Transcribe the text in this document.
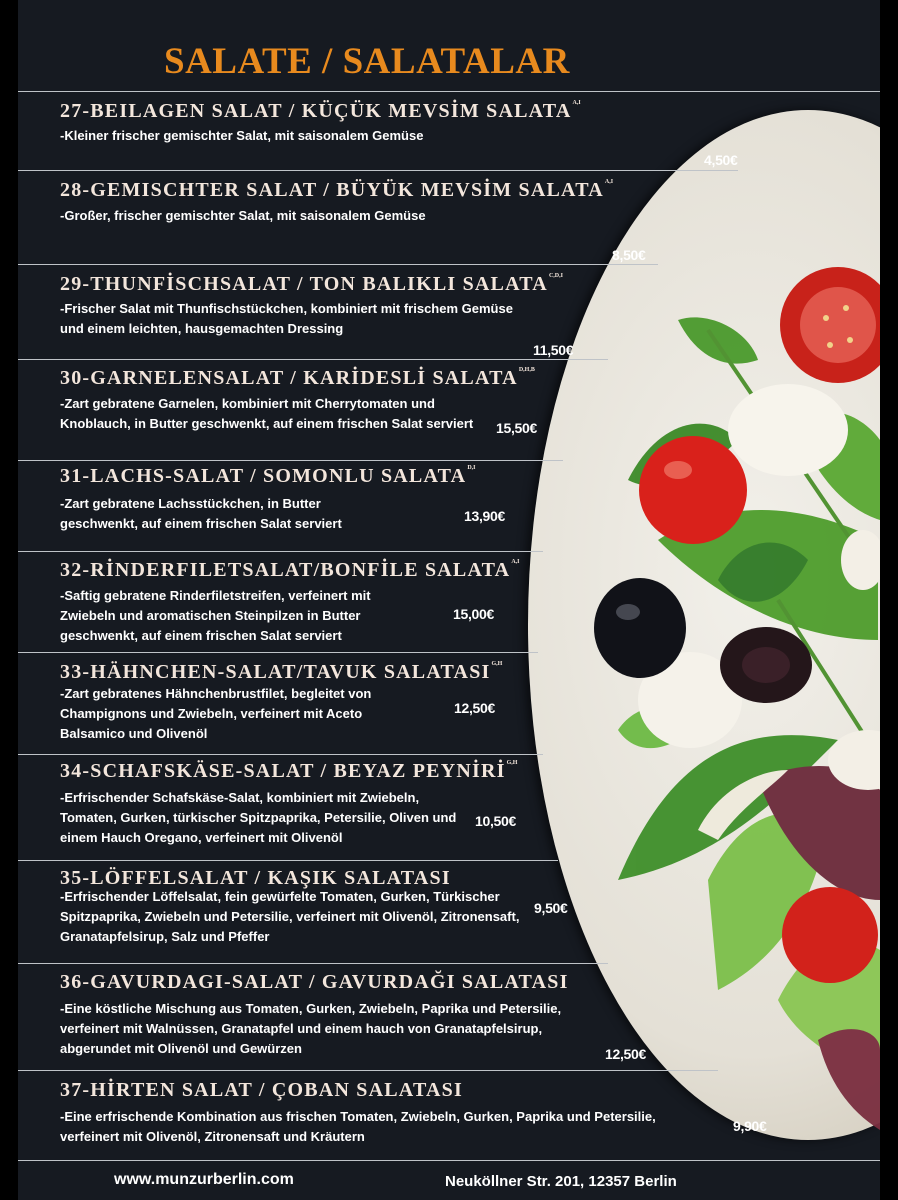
SALATE / SALATALAR
27-BEILAGEN SALAT / KÜÇÜK MEVSİM $SALATA^{A,I}$
-Kleiner frischer gemischter Salat, mit saisonalem Gemüse
4,50€
28-GEMISCHTER SALAT / BÜYÜK MEVSİM $SALATA^{A,I}$
-Großer, frischer gemischter Salat, mit saisonalem Gemüse
8,50€
29-THUNFİSCHSALAT / TON BALIKLI $SALATA^{C,D,I}$
-Frischer Salat mit Thunfischstückchen, kombiniert mit frischem Gemüse und einem leichten, hausgemachten Dressing
11,50€
30-GARNELENSALAT / KARİDESLİ $SALATA^{D,H,B}$
-Zart gebratene Garnelen, kombiniert mit Cherrytomaten und Knoblauch, in Butter geschwenkt, auf einem frischen Salat serviert	15,50€
31-LACHS-SALAT / SOMONLU $SALATA^{D,I}$
-Zart gebratene Lachsstückchen, in Butter geschwenkt, auf einem frischen Salat serviert	13,90€
32-RİNDERFILETSALAT/BONFİLE $SALATA^{A,I}$
-Saftig gebratene Rinderfiletstreifen, verfeinert mit Zwiebeln und aromatischen Steinpilzen in Butter geschwenkt, auf einem frischen Salat serviert
15,00€
33-HÄHNCHEN-SALAT/TAVUK $SALATASI^{G,H}$
-Zart gebratenes Hähnchenbrustfilet, begleitet von Champignons und Zwiebeln, verfeinert mit Aceto Balsamico und Olivenöl
12,50€
34-SCHAFSKÄSE-SALAT / BEYAZ $PEYNİRİ^{G,H}$
-Erfrischender Schafskäse-Salat, kombiniert mit Zwiebeln, Tomaten, Gurken, türkischer Spitzpaprika, Petersilie, Oliven und einem Hauch Oregano, verfeinert mit Olivenöl
10,50€
35-LÖFFELSALAT / KAŞIK SALATASI
-Erfrischender Löffelsalat, fein gewürfelte Tomaten, Gurken, Türkischer Spitzpaprika, Zwiebeln und Petersilie, verfeinert mit Olivenöl, Zitronensaft, Granatapfelsirup, Salz und Pfeffer
9,50€
36-GAVURDAGI-SALAT / GAVURDAĞI SALATASI
-Eine köstliche Mischung aus Tomaten, Gurken, Zwiebeln, Paprika und Petersilie, verfeinert mit Walnüssen, Granatapfel und einem hauch von Granatapfelsirup, abgerundet mit Olivenöl und Gewürzen	12,50€
37-HİRTEN SALAT / ÇOBAN SALATASI
-Eine erfrischende Kombination aus frischen Tomaten, Zwiebeln, Gurken, Paprika und Petersilie, verfeinert mit Olivenöl, Zitronensaft und Kräutern
9,90€
www.munzurberlin.com	Neuköllner Str. 201, 12357 Berlin
